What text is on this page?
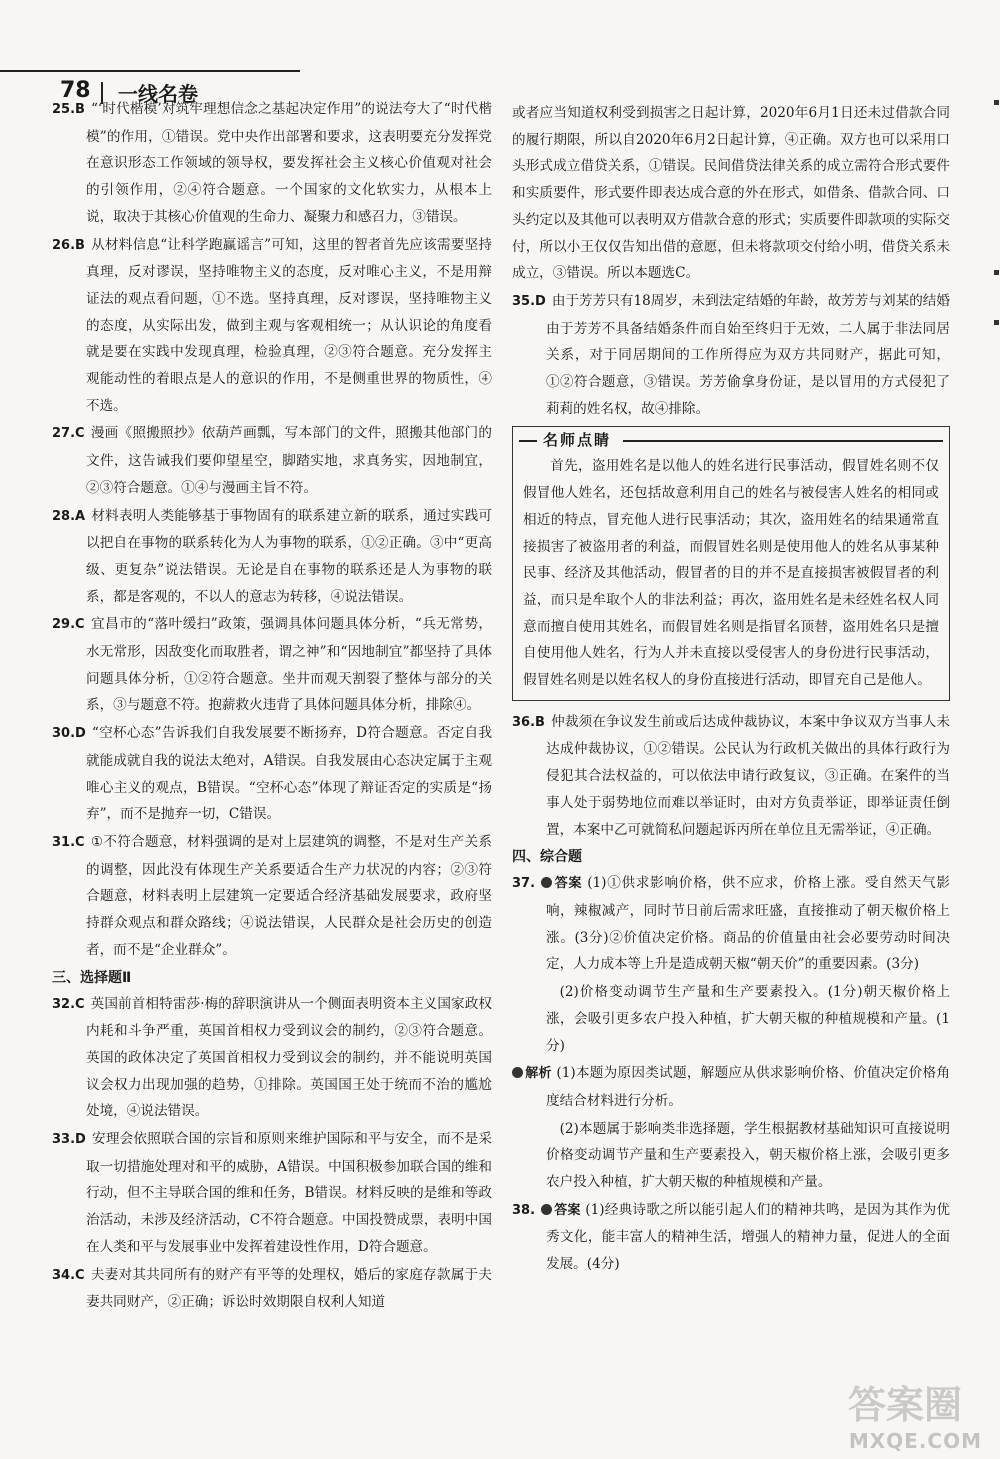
78 一线名卷

25.B “‘时代楷模’对筑牢理想信念之基起决定作用”的说法夸大了“时代楷模”的作用，①错误。党中央作出部署和要求，这表明要充分发挥党在意识形态工作领域的领导权，要发挥社会主义核心价值观对社会的引领作用，②④符合题意。一个国家的文化软实力，从根本上说，取决于其核心价值观的生命力、凝聚力和感召力，③错误。

26.B 从材料信息“让科学跑赢谣言”可知，这里的智者首先应该需要坚持真理，反对谬误，坚持唯物主义的态度，反对唯心主义，不是用辩证法的观点看问题，①不选。坚持真理，反对谬误，坚持唯物主义的态度，从实际出发，做到主观与客观相统一；从认识论的角度看就是要在实践中发现真理，检验真理，②③符合题意。充分发挥主观能动性的着眼点是人的意识的作用，不是侧重世界的物质性，④不选。

27.C 漫画《照搬照抄》依葫芦画瓢，写本部门的文件，照搬其他部门的文件，这告诫我们要仰望星空，脚踏实地，求真务实，因地制宜，②③符合题意。①④与漫画主旨不符。

28.A 材料表明人类能够基于事物固有的联系建立新的联系，通过实践可以把自在事物的联系转化为人为事物的联系，①②正确。③中“更高级、更复杂”说法错误。无论是自在事物的联系还是人为事物的联系，都是客观的，不以人的意志为转移，④说法错误。

29.C 宜昌市的“落叶缓扫”政策，强调具体问题具体分析，“兵无常势，水无常形，因敌变化而取胜者，谓之神”和“因地制宜”都坚持了具体问题具体分析，①②符合题意。坐井而观天割裂了整体与部分的关系，③与题意不符。抱薪救火违背了具体问题具体分析，排除④。

30.D “空杯心态”告诉我们自我发展要不断扬弃，D符合题意。否定自我就能成就自我的说法太绝对，A错误。自我发展由心态决定属于主观唯心主义的观点，B错误。“空杯心态”体现了辩证否定的实质是“扬弃”，而不是抛弃一切，C错误。

31.C ①不符合题意，材料强调的是对上层建筑的调整，不是对生产关系的调整，因此没有体现生产关系要适合生产力状况的内容；②③符合题意，材料表明上层建筑一定要适合经济基础发展要求，政府坚持群众观点和群众路线；④说法错误，人民群众是社会历史的创造者，而不是“企业群众”。

三、选择题Ⅱ

32.C 英国前首相特雷莎·梅的辞职演讲从一个侧面表明资本主义国家政权内耗和斗争严重，英国首相权力受到议会的制约，②③符合题意。英国的政体决定了英国首相权力受到议会的制约，并不能说明英国议会权力出现加强的趋势，①排除。英国国王处于统而不治的尴尬处境，④说法错误。

33.D 安理会依照联合国的宗旨和原则来维护国际和平与安全，而不是采取一切措施处理对和平的威胁，A错误。中国积极参加联合国的维和行动，但不主导联合国的维和任务，B错误。材料反映的是维和等政治活动，未涉及经济活动，C不符合题意。中国投赞成票，表明中国在人类和平与发展事业中发挥着建设性作用，D符合题意。

34.C 夫妻对其共同所有的财产有平等的处理权，婚后的家庭存款属于夫妻共同财产，②正确；诉讼时效期限自权利人知道

或者应当知道权利受到损害之日起计算，2020年6月1日还未过借款合同的履行期限，所以自2020年6月2日起计算，④正确。双方也可以采用口头形式成立借贷关系，①错误。民间借贷法律关系的成立需符合形式要件和实质要件，形式要件即表达成合意的外在形式，如借条、借款合同、口头约定以及其他可以表明双方借款合意的形式；实质要件即款项的实际交付，所以小王仅仅告知出借的意愿，但未将款项交付给小明，借贷关系未成立，③错误。所以本题选C。

35.D 由于芳芳只有18周岁，未到法定结婚的年龄，故芳芳与刘某的结婚由于芳芳不具备结婚条件而自始至终归于无效，二人属于非法同居关系，对于同居期间的工作所得应为双方共同财产，据此可知，①②符合题意，③错误。芳芳偷拿身份证，是以冒用的方式侵犯了莉莉的姓名权，故④排除。

名师点睛
首先，盗用姓名是以他人的姓名进行民事活动，假冒姓名则不仅假冒他人姓名，还包括故意利用自己的姓名与被侵害人姓名的相同或相近的特点，冒充他人进行民事活动；其次，盗用姓名的结果通常直接损害了被盗用者的利益，而假冒姓名则是使用他人的姓名从事某种民事、经济及其他活动，假冒者的目的并不是直接损害被假冒者的利益，而只是牟取个人的非法利益；再次，盗用姓名是未经姓名权人同意而擅自使用其姓名，而假冒姓名则是指冒名顶替，盗用姓名只是擅自使用他人姓名，行为人并未直接以受侵害人的身份进行民事活动，假冒姓名则是以姓名权人的身份直接进行活动，即冒充自己是他人。

36.B 仲裁须在争议发生前或后达成仲裁协议，本案中争议双方当事人未达成仲裁协议，①②错误。公民认为行政机关做出的具体行政行为侵犯其合法权益的，可以依法申请行政复议，③正确。在案件的当事人处于弱势地位而难以举证时，由对方负责举证，即举证责任倒置，本案中乙可就简私问题起诉丙所在单位且无需举证，④正确。

四、综合题

37. 答案 (1)①供求影响价格，供不应求，价格上涨。受自然天气影响，辣椒减产，同时节日前后需求旺盛，直接推动了朝天椒价格上涨。(3分)②价值决定价格。商品的价值量由社会必要劳动时间决定，人力成本等上升是造成朝天椒“朝天价”的重要因素。(3分)

(2)价格变动调节生产量和生产要素投入。(1分)朝天椒价格上涨，会吸引更多农户投入种植，扩大朝天椒的种植规模和产量。(1分)

解析 (1)本题为原因类试题，解题应从供求影响价格、价值决定价格角度结合材料进行分析。

(2)本题属于影响类非选择题，学生根据教材基础知识可直接说明价格变动调节产量和生产要素投入，朝天椒价格上涨，会吸引更多农户投入种植，扩大朝天椒的种植规模和产量。

38. 答案 (1)经典诗歌之所以能引起人们的精神共鸣，是因为其作为优秀文化，能丰富人的精神生活，增强人的精神力量，促进人的全面发展。(4分)

答案圈
MXQE.COM
